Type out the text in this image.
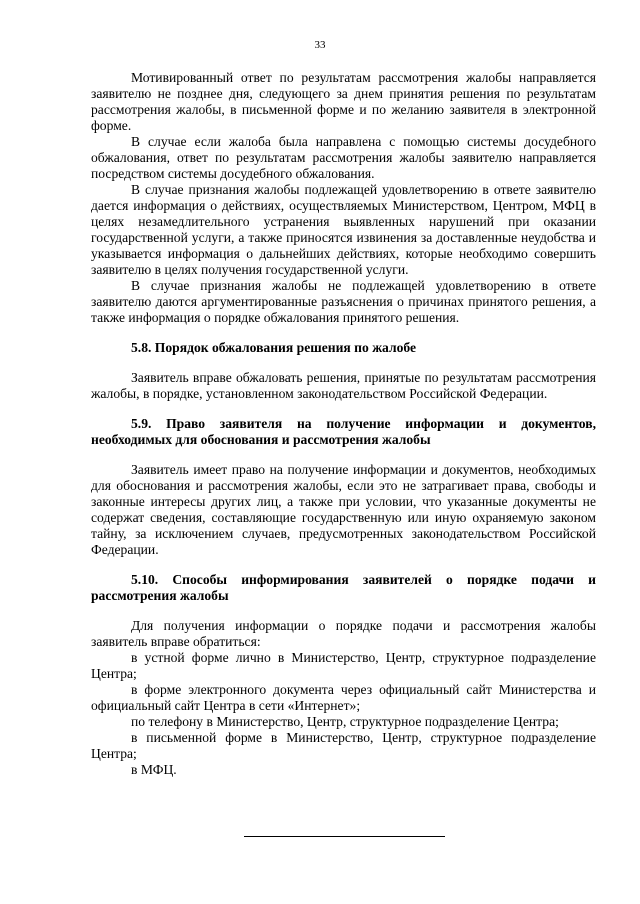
33

Мотивированный ответ по результатам рассмотрения жалобы направляется заявителю не позднее дня, следующего за днем принятия решения по результатам рассмотрения жалобы, в письменной форме и по желанию заявителя в электронной форме.

В случае если жалоба была направлена с помощью системы досудебного обжалования, ответ по результатам рассмотрения жалобы заявителю направляется посредством системы досудебного обжалования.

В случае признания жалобы подлежащей удовлетворению в ответе заявителю дается информация о действиях, осуществляемых Министерством, Центром, МФЦ в целях незамедлительного устранения выявленных нарушений при оказании государственной услуги, а также приносятся извинения за доставленные неудобства и указывается информация о дальнейших действиях, которые необходимо совершить заявителю в целях получения государственной услуги.

В случае признания жалобы не подлежащей удовлетворению в ответе заявителю даются аргументированные разъяснения о причинах принятого решения, а также информация о порядке обжалования принятого решения.

5.8. Порядок обжалования решения по жалобе

Заявитель вправе обжаловать решения, принятые по результатам рассмотрения жалобы, в порядке, установленном законодательством Российской Федерации.

5.9. Право заявителя на получение информации и документов, необходимых для обоснования и рассмотрения жалобы

Заявитель имеет право на получение информации и документов, необходимых для обоснования и рассмотрения жалобы, если это не затрагивает права, свободы и законные интересы других лиц, а также при условии, что указанные документы не содержат сведения, составляющие государственную или иную охраняемую законом тайну, за исключением случаев, предусмотренных законодательством Российской Федерации.

5.10. Способы информирования заявителей о порядке подачи и рассмотрения жалобы

Для получения информации о порядке подачи и рассмотрения жалобы заявитель вправе обратиться:

в устной форме лично в Министерство, Центр, структурное подразделение Центра;

в форме электронного документа через официальный сайт Министерства и официальный сайт Центра в сети «Интернет»;

по телефону в Министерство, Центр, структурное подразделение Центра;

в письменной форме в Министерство, Центр, структурное подразделение Центра;

в МФЦ.
